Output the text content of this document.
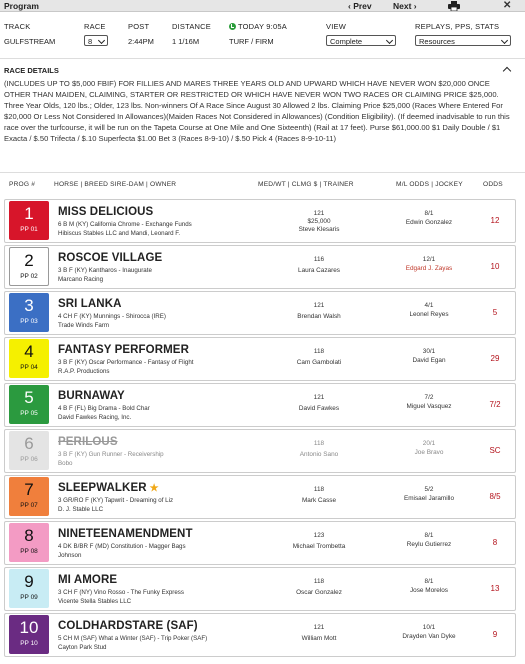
Program	‹ Prev	Next ›	✕
TRACK
GULFSTREAM
RACE
8
POST
2:44PM
DISTANCE
1 1/16M
TODAY 9:05A
TURF / FIRM
VIEW
Complete
REPLAYS, PPS, STATS
Resources
RACE DETAILS
(INCLUDES UP TO $5,000 FBIF) FOR FILLIES AND MARES THREE YEARS OLD AND UPWARD WHICH HAVE NEVER WON $20,000 ONCE OTHER THAN MAIDEN, CLAIMING, STARTER OR RESTRICTED OR WHICH HAVE NEVER WON TWO RACES OR CLAIMING PRICE $25,000. Three Year Olds, 120 lbs.; Older, 123 lbs. Non-winners Of A Race Since August 30 Allowed 2 lbs. Claiming Price $25,000 (Races Where Entered For $20,000 Or Less Not Considered In Allowances)(Maiden Races Not Considered in Allowances) (Condition Eligibility). (If deemed inadvisable to run this race over the turfcourse, it will be run on the Tapeta Course at One Mile and One Sixteenth) (Rail at 17 feet). Purse $61,000.00 $1 Daily Double / $1 Exacta / $.50 Trifecta / $.10 Superfecta $1.00 Bet 3 (Races 8-9-10) / $.50 Pick 4 (Races 8-9-10-11)
PROG #	HORSE | BREED SIRE-DAM | OWNER	MED/WT | CLMG $ | TRAINER	M/L ODDS | JOCKEY	ODDS
1
PP 01
MISS DELICIOUS
6 B M (KY) California Chrome - Exchange Funds
Hibiscus Stables LLC and Mandi, Leonard F.
121
$25,000
Steve Klesaris
8/1
Edwin Gonzalez	12
2
PP 02
ROSCOE VILLAGE
3 B F (KY) Kantharos - Inaugurate
Marcano Racing
116
Laura Cazares
12/1
Edgard J. Zayas	10
3
PP 03
SRI LANKA
4 CH F (KY) Munnings - Shirocca (IRE)
Trade Winds Farm
121
Brendan Walsh
4/1
Leonel Reyes	5
4
PP 04
FANTASY PERFORMER
3 B F (KY) Oscar Performance - Fantasy of Flight
R.A.P. Productions
118
Cam Gambolati
30/1
David Egan	29
5
PP 05
BURNAWAY
4 B F (FL) Big Drama - Bold Char
David Fawkes Racing, Inc.
121
David Fawkes
7/2
Miguel Vasquez	7/2
6
PP 06
PERILOUS
3 B F (KY) Gun Runner - Receivership
Bobo
118
Antonio Sano
20/1
Joe Bravo	SC
7
PP 07
SLEEPWALKER ★
3 GR/RO F (KY) Tapwrit - Dreaming of Liz
D. J. Stable LLC
118
Mark Casse
5/2
Emisael Jaramillo	8/5
8
PP 08
NINETEENAMENDMENT
4 DK B/BR F (MD) Constitution - Magger Bags
Johnson
123
Michael Trombetta
8/1
Reylu Gutierrez	8
9
PP 09
MI AMORE
3 CH F (NY) Vino Rosso - The Funky Express
Vicente Stella Stables LLC
118
Oscar Gonzalez
8/1
Jose Morelos	13
10
PP 10
COLDHARDSTARE (SAF)
5 CH M (SAF) What a Winter (SAF) - Trip Poker (SAF)
Cayton Park Stud
121
William Mott
10/1
Drayden Van Dyke	9
